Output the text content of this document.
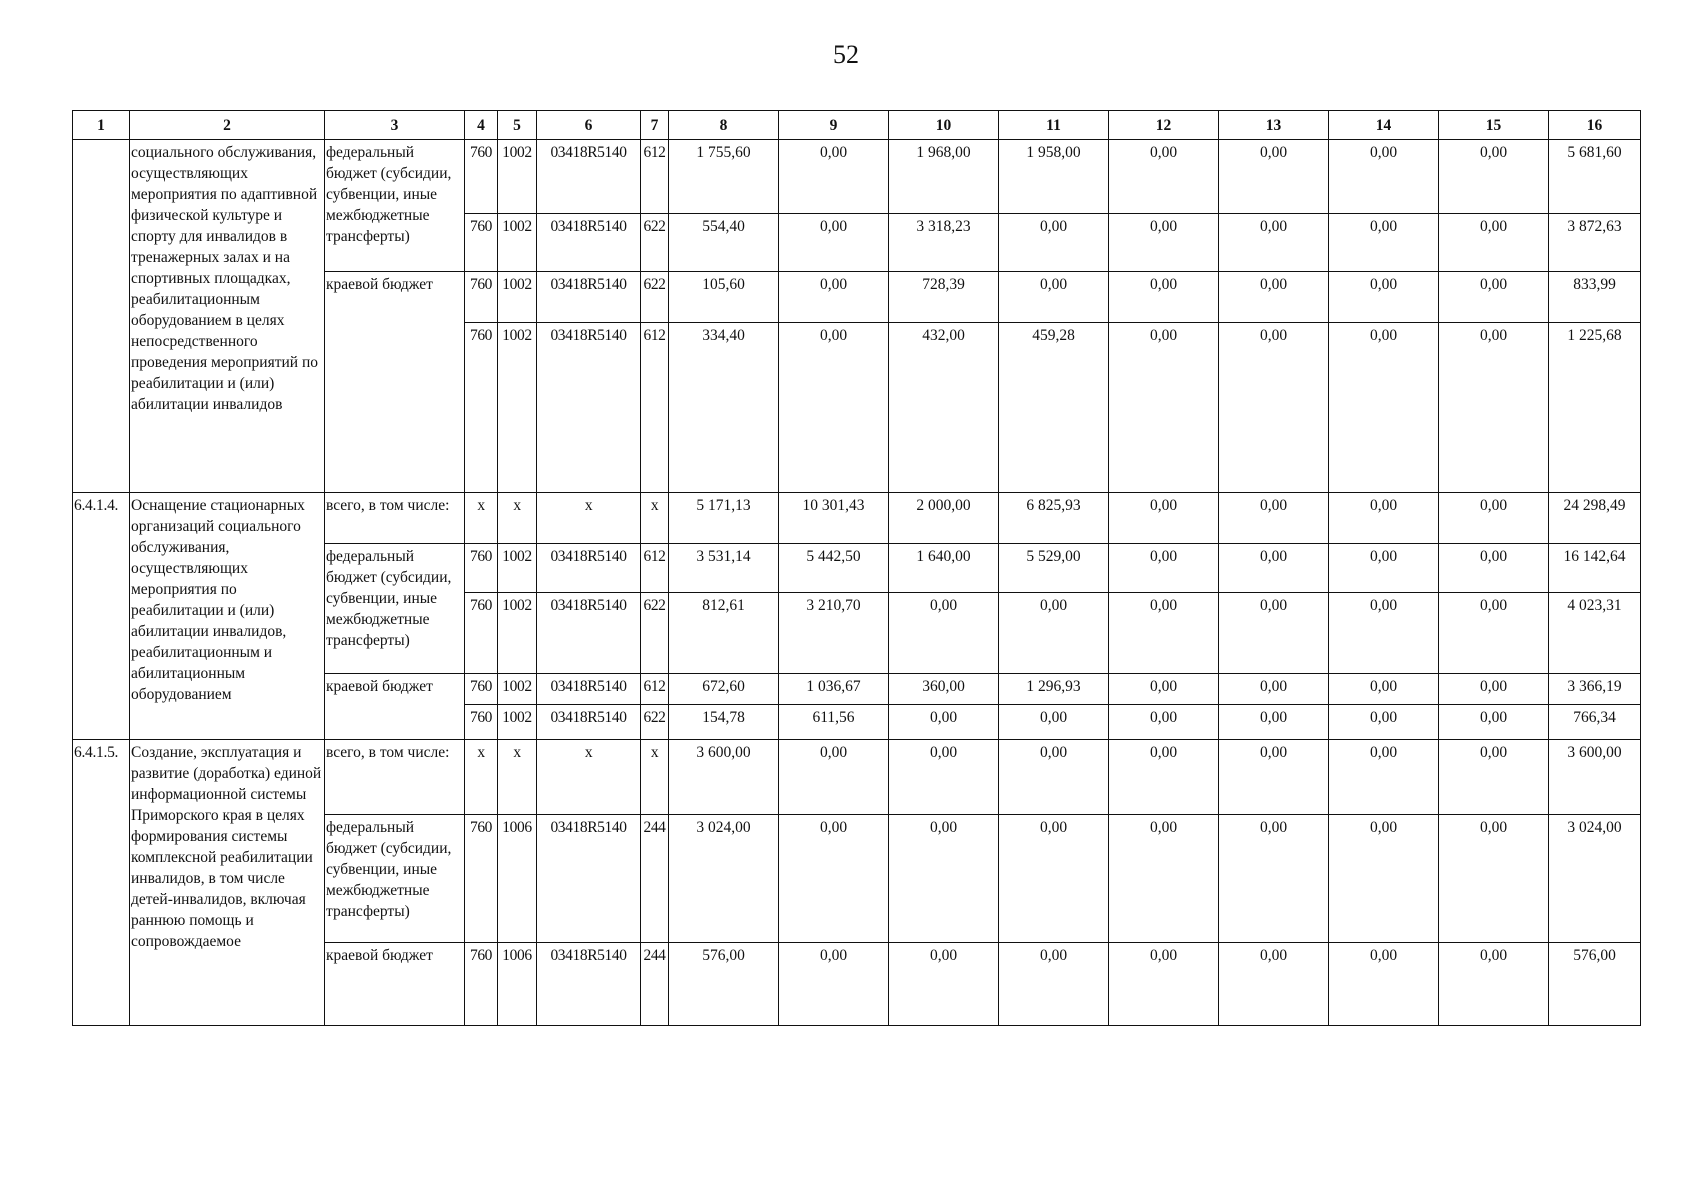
52
1	2	3	4	5	6	7	8	9	10	11	12	13	14	15	16
	социального обслуживания, осуществляющих мероприятия по адаптивной физической культуре и спорту для инвалидов в тренажерных залах и на спортивных площадках, реабилитационным оборудованием в целях непосредственного проведения мероприятий по реабилитации и (или) абилитации инвалидов	федеральный бюджет (субсидии, субвенции, иные межбюджетные трансферты)	760	1002	03418R5140	612	1 755,60	0,00	1 968,00	1 958,00	0,00	0,00	0,00	0,00	5 681,60
			760	1002	03418R5140	622	554,40	0,00	3 318,23	0,00	0,00	0,00	0,00	0,00	3 872,63
		краевой бюджет	760	1002	03418R5140	622	105,60	0,00	728,39	0,00	0,00	0,00	0,00	0,00	833,99
			760	1002	03418R5140	612	334,40	0,00	432,00	459,28	0,00	0,00	0,00	0,00	1 225,68
6.4.1.4.	Оснащение стационарных организаций социального обслуживания, осуществляющих мероприятия по реабилитации и (или) абилитации инвалидов, реабилитационным и абилитационным оборудованием	всего, в том числе:	x	x	x	x	5 171,13	10 301,43	2 000,00	6 825,93	0,00	0,00	0,00	0,00	24 298,49
		федеральный бюджет (субсидии, субвенции, иные межбюджетные трансферты)	760	1002	03418R5140	612	3 531,14	5 442,50	1 640,00	5 529,00	0,00	0,00	0,00	0,00	16 142,64
			760	1002	03418R5140	622	812,61	3 210,70	0,00	0,00	0,00	0,00	0,00	0,00	4 023,31
		краевой бюджет	760	1002	03418R5140	612	672,60	1 036,67	360,00	1 296,93	0,00	0,00	0,00	0,00	3 366,19
			760	1002	03418R5140	622	154,78	611,56	0,00	0,00	0,00	0,00	0,00	0,00	766,34
6.4.1.5.	Создание, эксплуатация и развитие (доработка) единой информационной системы Приморского края в целях формирования системы комплексной реабилитации инвалидов, в том числе детей-инвалидов, включая раннюю помощь и сопровождаемое	всего, в том числе:	x	x	x	x	3 600,00	0,00	0,00	0,00	0,00	0,00	0,00	0,00	3 600,00
		федеральный бюджет (субсидии, субвенции, иные межбюджетные трансферты)	760	1006	03418R5140	244	3 024,00	0,00	0,00	0,00	0,00	0,00	0,00	0,00	3 024,00
		краевой бюджет	760	1006	03418R5140	244	576,00	0,00	0,00	0,00	0,00	0,00	0,00	0,00	576,00
